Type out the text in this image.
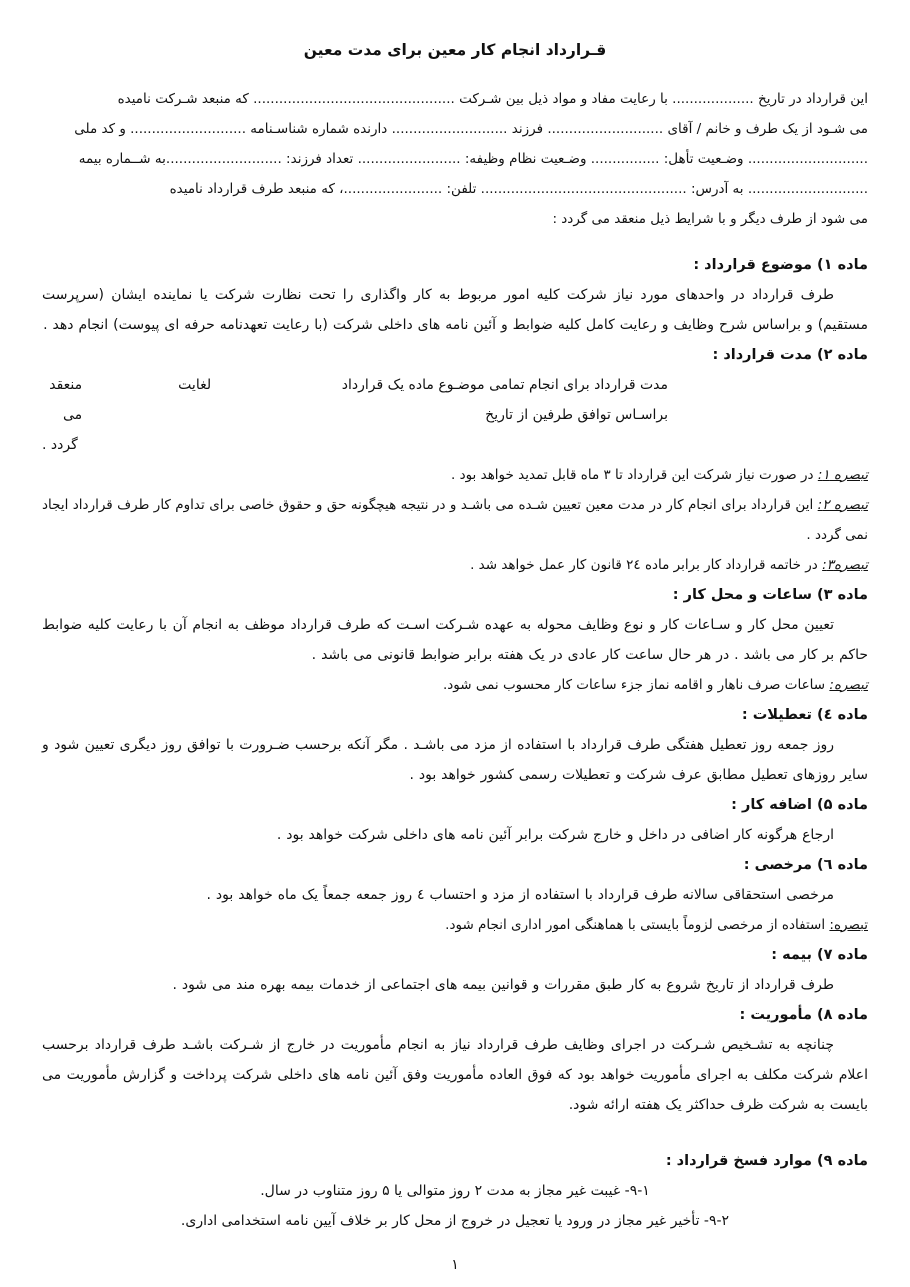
قـرارداد انجام کار معین برای مدت معین

این قرارداد در تاریخ ................... با رعایت مفاد و مواد ذیل بین شـرکت ............................................... که منبعد شـرکت نامیده

می شـود از یک طرف و خانم / آقای ........................... فرزند ........................... دارنده شماره شناسـنامه ........................... و کد ملی

............................ وضـعیت تأهل: ................ وضـعیت نظام وظیفه: ........................ تعداد فرزند: ...........................به شــماره بیمه

............................ به آدرس: ................................................ تلفن: .......................، که منبعد طرف قرارداد نامیده

می شود از طرف دیگر و با شرایط ذیل منعقد می گردد :

ماده ۱) موضوع قرارداد :

طرف قرارداد در واحدهای مورد نیاز شرکت کلیه امور مربوط به کار واگذاری را تحت نظارت شرکت یا نماینده ایشان (سرپرست مستقیم) و براساس شرح وظایف و رعایت کامل کلیه ضوابط و آئین نامه های داخلی شرکت (با رعایت تعهدنامه حرفه ای پیوست) انجام دهد .

ماده ۲) مدت قرارداد :

مدت قرارداد برای انجام تمامی موضـوع ماده یک قرارداد براسـاس توافق طرفین از تاریخ
لغایت
منعقد می

گردد .

تبصره ۱: در صورت نیاز شرکت این قرارداد تا ۳ ماه قابل تمدید خواهد بود .

تبصره ۲: این قرارداد برای انجام کار در مدت معین تعیین شـده می باشـد و در نتیجه هیچگونه حق و حقوق خاصی برای تداوم کار طرف قرارداد ایجاد نمی گردد .

تبصره۳: در خاتمه قرارداد کار برابر ماده ۲٤ قانون کار عمل خواهد شد .

ماده ۳) ساعات و محل کار :

تعیین محل کار و سـاعات کار و نوع وظایف محوله به عهده شـرکت اسـت که طرف قرارداد موظف به انجام آن با رعایت کلیه ضوابط حاکم بر کار می باشد . در هر حال ساعت کار عادی در یک هفته برابر ضوابط قانونی می باشد .

تبصره: ساعات صرف ناهار و اقامه نماز جزء ساعات کار محسوب نمی شود.

ماده ٤) تعطیلات :

روز جمعه روز تعطیل هفتگی طرف قرارداد با استفاده از مزد می باشـد . مگر آنکه برحسب ضـرورت با توافق روز دیگری تعیین شود و سایر روزهای تعطیل مطابق عرف شرکت و تعطیلات رسمی کشور خواهد بود .

ماده ۵) اضافه کار :

ارجاع هرگونه کار اضافی در داخل و خارج شرکت برابر آئین نامه های داخلی شرکت خواهد بود .

ماده ٦) مرخصی :

مرخصی استحقاقی سالانه طرف قرارداد با استفاده از مزد و احتساب ٤ روز جمعه جمعاً یک ماه خواهد بود .

تبصره: استفاده از مرخصی لزوماً بایستی با هماهنگی امور اداری انجام شود.

ماده ۷) بیمه :

طرف قرارداد از تاریخ شروع به کار طبق مقررات و قوانین بیمه های اجتماعی از خدمات بیمه بهره مند می شود .

ماده ۸) مأموریت :

چنانچه به تشـخیص شـرکت در اجرای وظایف طرف قرارداد نیاز به انجام مأموریت در خارج از شـرکت باشـد طرف قرارداد برحسب اعلام شرکت مکلف به اجرای مأموریت خواهد بود که فوق العاده مأموریت وفق آئین نامه های داخلی شرکت پرداخت و گزارش مأموریت می بایست به شرکت ظرف حداکثر یک هفته ارائه شود.

ماده ۹) موارد فسخ قرارداد :

۹-۱- غیبت غیر مجاز به مدت ۲ روز متوالی یا ۵ روز متناوب در سال.

۹-۲- تأخیر غیر مجاز در ورود یا تعجیل در خروج از محل کار بر خلاف آیین نامه استخدامی اداری.

۱
